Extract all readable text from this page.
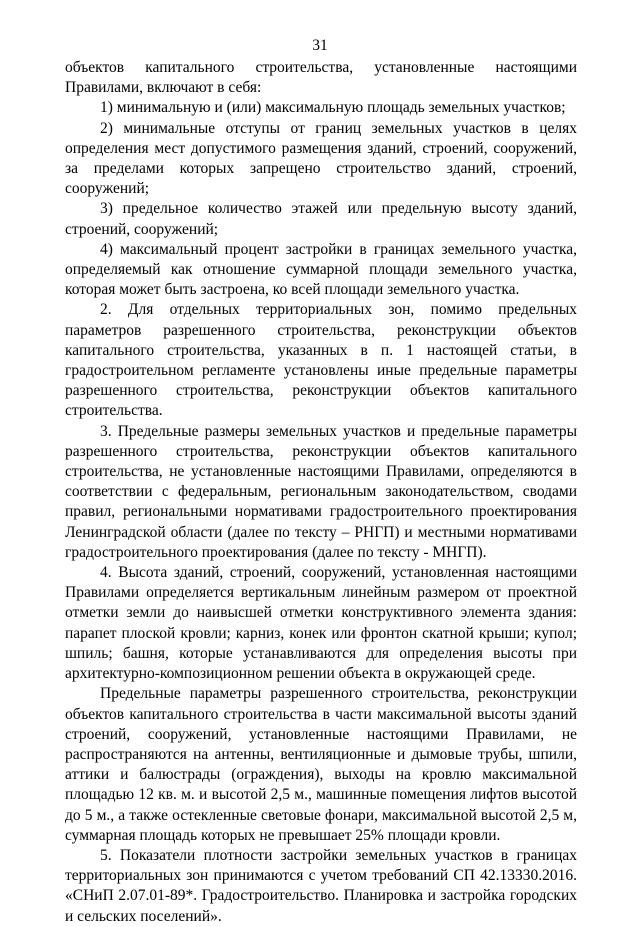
31

объектов капитального строительства, установленные настоящими Правилами, включают в себя:

1) минимальную и (или) максимальную площадь земельных участков;

2) минимальные отступы от границ земельных участков в целях определения мест допустимого размещения зданий, строений, сооружений, за пределами которых запрещено строительство зданий, строений, сооружений;

3) предельное количество этажей или предельную высоту зданий, строений, сооружений;

4) максимальный процент застройки в границах земельного участка, определяемый как отношение суммарной площади земельного участка, которая может быть застроена, ко всей площади земельного участка.

2. Для отдельных территориальных зон, помимо предельных параметров разрешенного строительства, реконструкции объектов капитального строительства, указанных в п. 1 настоящей статьи, в градостроительном регламенте установлены иные предельные параметры разрешенного строительства, реконструкции объектов капитального строительства.

3. Предельные размеры земельных участков и предельные параметры разрешенного строительства, реконструкции объектов капитального строительства, не установленные настоящими Правилами, определяются в соответствии с федеральным, региональным законодательством, сводами правил, региональными нормативами градостроительного проектирования Ленинградской области (далее по тексту – РНГП) и местными нормативами градостроительного проектирования (далее по тексту - МНГП).

4. Высота зданий, строений, сооружений, установленная настоящими Правилами определяется вертикальным линейным размером от проектной отметки земли до наивысшей отметки конструктивного элемента здания: парапет плоской кровли; карниз, конек или фронтон скатной крыши; купол; шпиль; башня, которые устанавливаются для определения высоты при архитектурно-композиционном решении объекта в окружающей среде.

Предельные параметры разрешенного строительства, реконструкции объектов капитального строительства в части максимальной высоты зданий строений, сооружений, установленные настоящими Правилами, не распространяются на антенны, вентиляционные и дымовые трубы, шпили, аттики и балюстрады (ограждения), выходы на кровлю максимальной площадью 12 кв. м. и высотой 2,5 м., машинные помещения лифтов высотой до 5 м., а также остекленные световые фонари, максимальной высотой 2,5 м, суммарная площадь которых не превышает 25% площади кровли.

5. Показатели плотности застройки земельных участков в границах территориальных зон принимаются с учетом требований СП 42.13330.2016. «СНиП 2.07.01-89*. Градостроительство. Планировка и застройка городских и сельских поселений».
